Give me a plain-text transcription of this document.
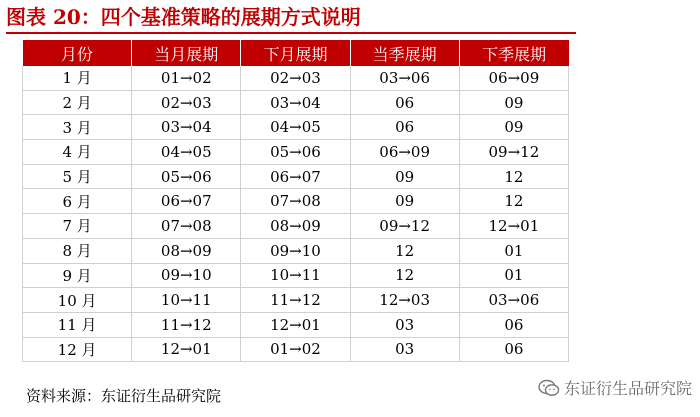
图表 20：四个基准策略的展期方式说明
月份	当月展期	下月展期	当季展期	下季展期
1 月	01→02	02→03	03→06	06→09
2 月	02→03	03→04	06	09
3 月	03→04	04→05	06	09
4 月	04→05	05→06	06→09	09→12
5 月	05→06	06→07	09	12
6 月	06→07	07→08	09	12
7 月	07→08	08→09	09→12	12→01
8 月	08→09	09→10	12	01
9 月	09→10	10→11	12	01
10 月	10→11	11→12	12→03	03→06
11 月	11→12	12→01	03	06
12 月	12→01	01→02	03	06
资料来源：东证衍生品研究院	东证衍生品研究院
